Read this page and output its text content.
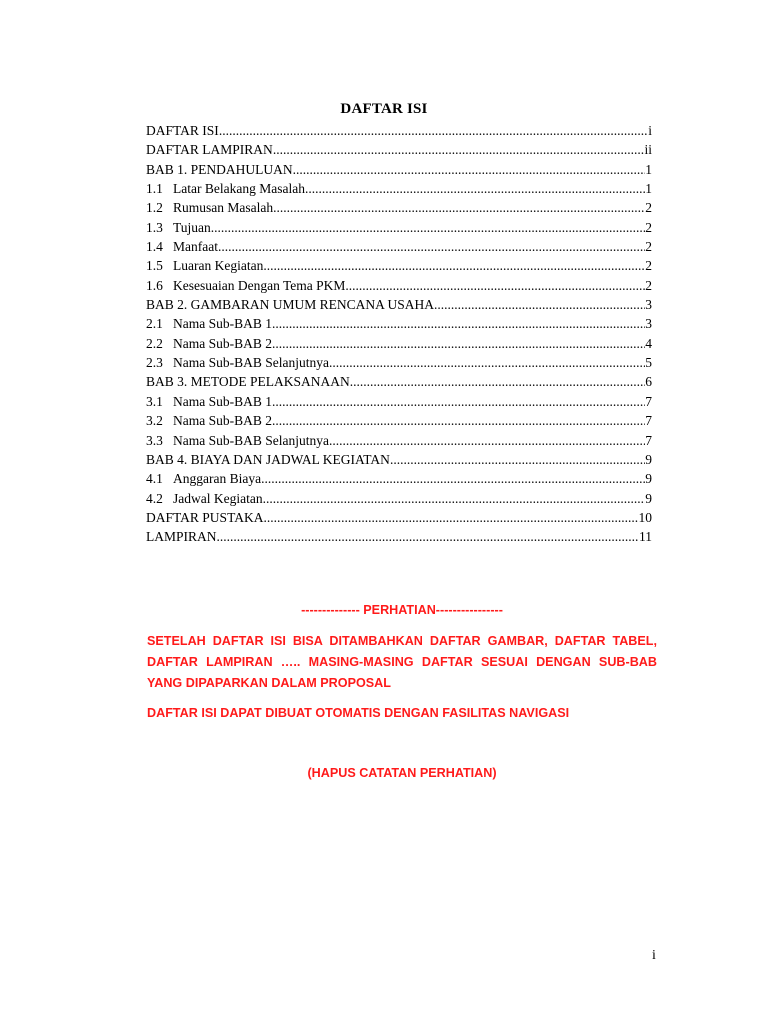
DAFTAR ISI
DAFTAR ISI .....	i
DAFTAR LAMPIRAN .....	ii
BAB 1. PENDAHULUAN .....	1
1.1 Latar Belakang Masalah .....	1
1.2 Rumusan Masalah .....	2
1.3 Tujuan .....	2
1.4 Manfaat .....	2
1.5 Luaran Kegiatan .....	2
1.6 Kesesuaian Dengan Tema PKM .....	2
BAB 2. GAMBARAN UMUM RENCANA USAHA .....	3
2.1 Nama Sub-BAB 1 .....	3
2.2 Nama Sub-BAB 2 .....	4
2.3 Nama Sub-BAB Selanjutnya .....	5
BAB 3. METODE PELAKSANAAN .....	6
3.1 Nama Sub-BAB 1 .....	7
3.2 Nama Sub-BAB 2 .....	7
3.3 Nama Sub-BAB Selanjutnya .....	7
BAB 4. BIAYA DAN JADWAL KEGIATAN .....	9
4.1 Anggaran Biaya .....	9
4.2 Jadwal Kegiatan .....	9
DAFTAR PUSTAKA .....	10
LAMPIRAN .....	11
-------------- PERHATIAN----------------
SETELAH DAFTAR ISI BISA DITAMBAHKAN DAFTAR GAMBAR, DAFTAR TABEL, DAFTAR LAMPIRAN ….. MASING-MASING DAFTAR SESUAI DENGAN SUB-BAB YANG DIPAPARKAN DALAM PROPOSAL
DAFTAR ISI DAPAT DIBUAT OTOMATIS DENGAN FASILITAS NAVIGASI
(HAPUS CATATAN PERHATIAN)
i
